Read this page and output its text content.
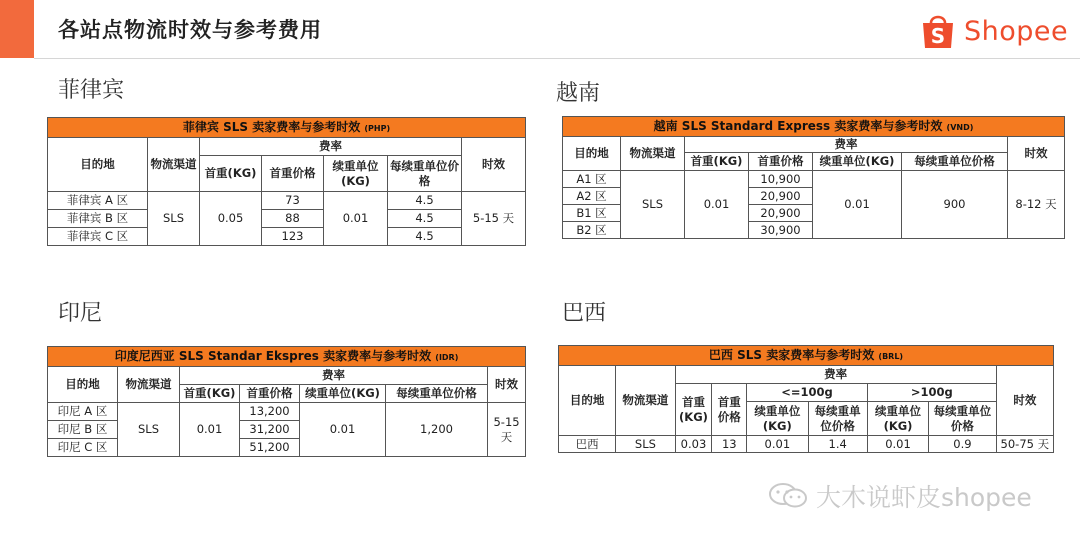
各站点物流时效与参考费用	S Shopee
菲律宾
菲律宾 SLS 卖家费率与参考时效 (PHP)						
目的地	物流渠道	费率				时效
		首重(KG)	首重价格	续重单位(KG)	每续重单位价格	
菲律宾 A 区	SLS	0.05	73	0.01	4.5	5-15 天
菲律宾 B 区			88		4.5	
菲律宾 C 区			123		4.5	
越南
越南 SLS Standard Express 卖家费率与参考时效 (VND)						
目的地	物流渠道	费率				时效
		首重(KG)	首重价格	续重单位(KG)	每续重单位价格	
A1 区	SLS	0.01	10,900	0.01	900	8-12 天
A2 区			20,900			
B1 区			20,900			
B2 区			30,900			
印尼
印度尼西亚 SLS Standar Ekspres 卖家费率与参考时效 (IDR)						
目的地	物流渠道	费率				时效
		首重(KG)	首重价格	续重单位(KG)	每续重单位价格	
印尼 A 区	SLS	0.01	13,200	0.01	1,200	5-15 天
印尼 B 区			31,200			
印尼 C 区			51,200			
巴西
巴西 SLS 卖家费率与参考时效 (BRL)								
目的地	物流渠道	费率						时效
		首重(KG)	首重价格	<=100g		>100g		
				续重单位(KG)	每续重单位价格	续重单位(KG)	每续重单位价格	
巴西	SLS	0.03	13	0.01	1.4	0.01	0.9	50-75 天
大木说虾皮shopee
